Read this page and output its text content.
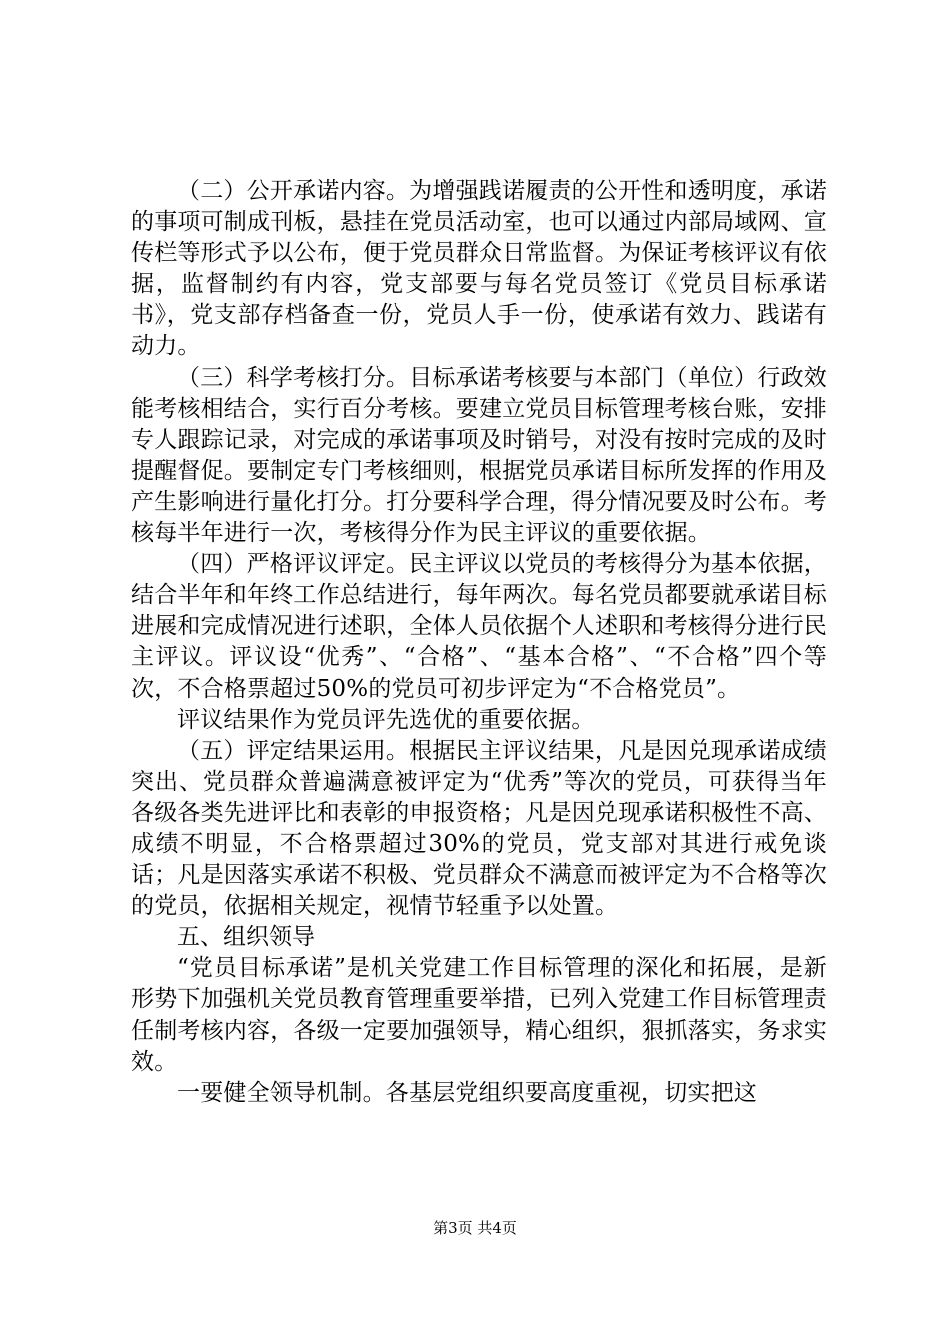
（二）公开承诺内容。为增强践诺履责的公开性和透明度，承诺的事项可制成刊板，悬挂在党员活动室，也可以通过内部局域网、宣传栏等形式予以公布，便于党员群众日常监督。为保证考核评议有依据，监督制约有内容，党支部要与每名党员签订《党员目标承诺书》，党支部存档备查一份，党员人手一份，使承诺有效力、践诺有动力。

（三）科学考核打分。目标承诺考核要与本部门（单位）行政效能考核相结合，实行百分考核。要建立党员目标管理考核台账，安排专人跟踪记录，对完成的承诺事项及时销号，对没有按时完成的及时提醒督促。要制定专门考核细则，根据党员承诺目标所发挥的作用及产生影响进行量化打分。打分要科学合理，得分情况要及时公布。考核每半年进行一次，考核得分作为民主评议的重要依据。

（四）严格评议评定。民主评议以党员的考核得分为基本依据，结合半年和年终工作总结进行，每年两次。每名党员都要就承诺目标进展和完成情况进行述职，全体人员依据个人述职和考核得分进行民主评议。评议设“优秀”、“合格”、“基本合格”、“不合格”四个等次，不合格票超过50%的党员可初步评定为“不合格党员”。

评议结果作为党员评先选优的重要依据。

（五）评定结果运用。根据民主评议结果，凡是因兑现承诺成绩突出、党员群众普遍满意被评定为“优秀”等次的党员，可获得当年各级各类先进评比和表彰的申报资格；凡是因兑现承诺积极性不高、成绩不明显，不合格票超过30%的党员，党支部对其进行戒免谈话；凡是因落实承诺不积极、党员群众不满意而被评定为不合格等次的党员，依据相关规定，视情节轻重予以处置。

五、组织领导

“党员目标承诺”是机关党建工作目标管理的深化和拓展，是新形势下加强机关党员教育管理重要举措，已列入党建工作目标管理责任制考核内容，各级一定要加强领导，精心组织，狠抓落实，务求实效。

一要健全领导机制。各基层党组织要高度重视，切实把这

第3页 共4页
